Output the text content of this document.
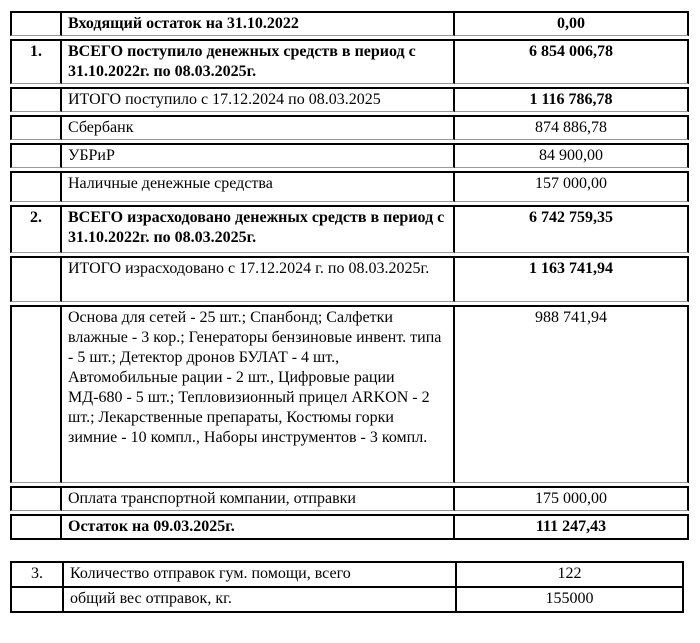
	Входящий остаток на 31.10.2022	0,00
1.	ВСЕГО поступило денежных средств в период с 31.10.2022г. по 08.03.2025г.	6 854 006,78
	ИТОГО поступило с 17.12.2024 по 08.03.2025	1 116 786,78
	Сбербанк	874 886,78
	УБРиР	84 900,00
	Наличные денежные средства	157 000,00
2.	ВСЕГО израсходовано денежных средств в период с 31.10.2022г. по 08.03.2025г.	6 742 759,35
	ИТОГО израсходовано с 17.12.2024 г. по 08.03.2025г.	1 163 741,94
	Основа для сетей - 25 шт.; Спанбонд; Салфетки влажные - 3 кор.; Генераторы бензиновые инвент. типа - 5 шт.; Детектор дронов БУЛАТ - 4 шт., Автомобильные рации - 2 шт., Цифровые рации МД-680 - 5 шт.; Тепловизионный прицел ARKON - 2 шт.; Лекарственные препараты, Костюмы горки зимние - 10 компл., Наборы инструментов - 3 компл.	988 741,94
	Оплата транспортной компании, отправки	175 000,00
	Остаток на 09.03.2025г.	111 247,43
3.	Количество отправок гум. помощи, всего	122
	общий вес отправок, кг.	155000
